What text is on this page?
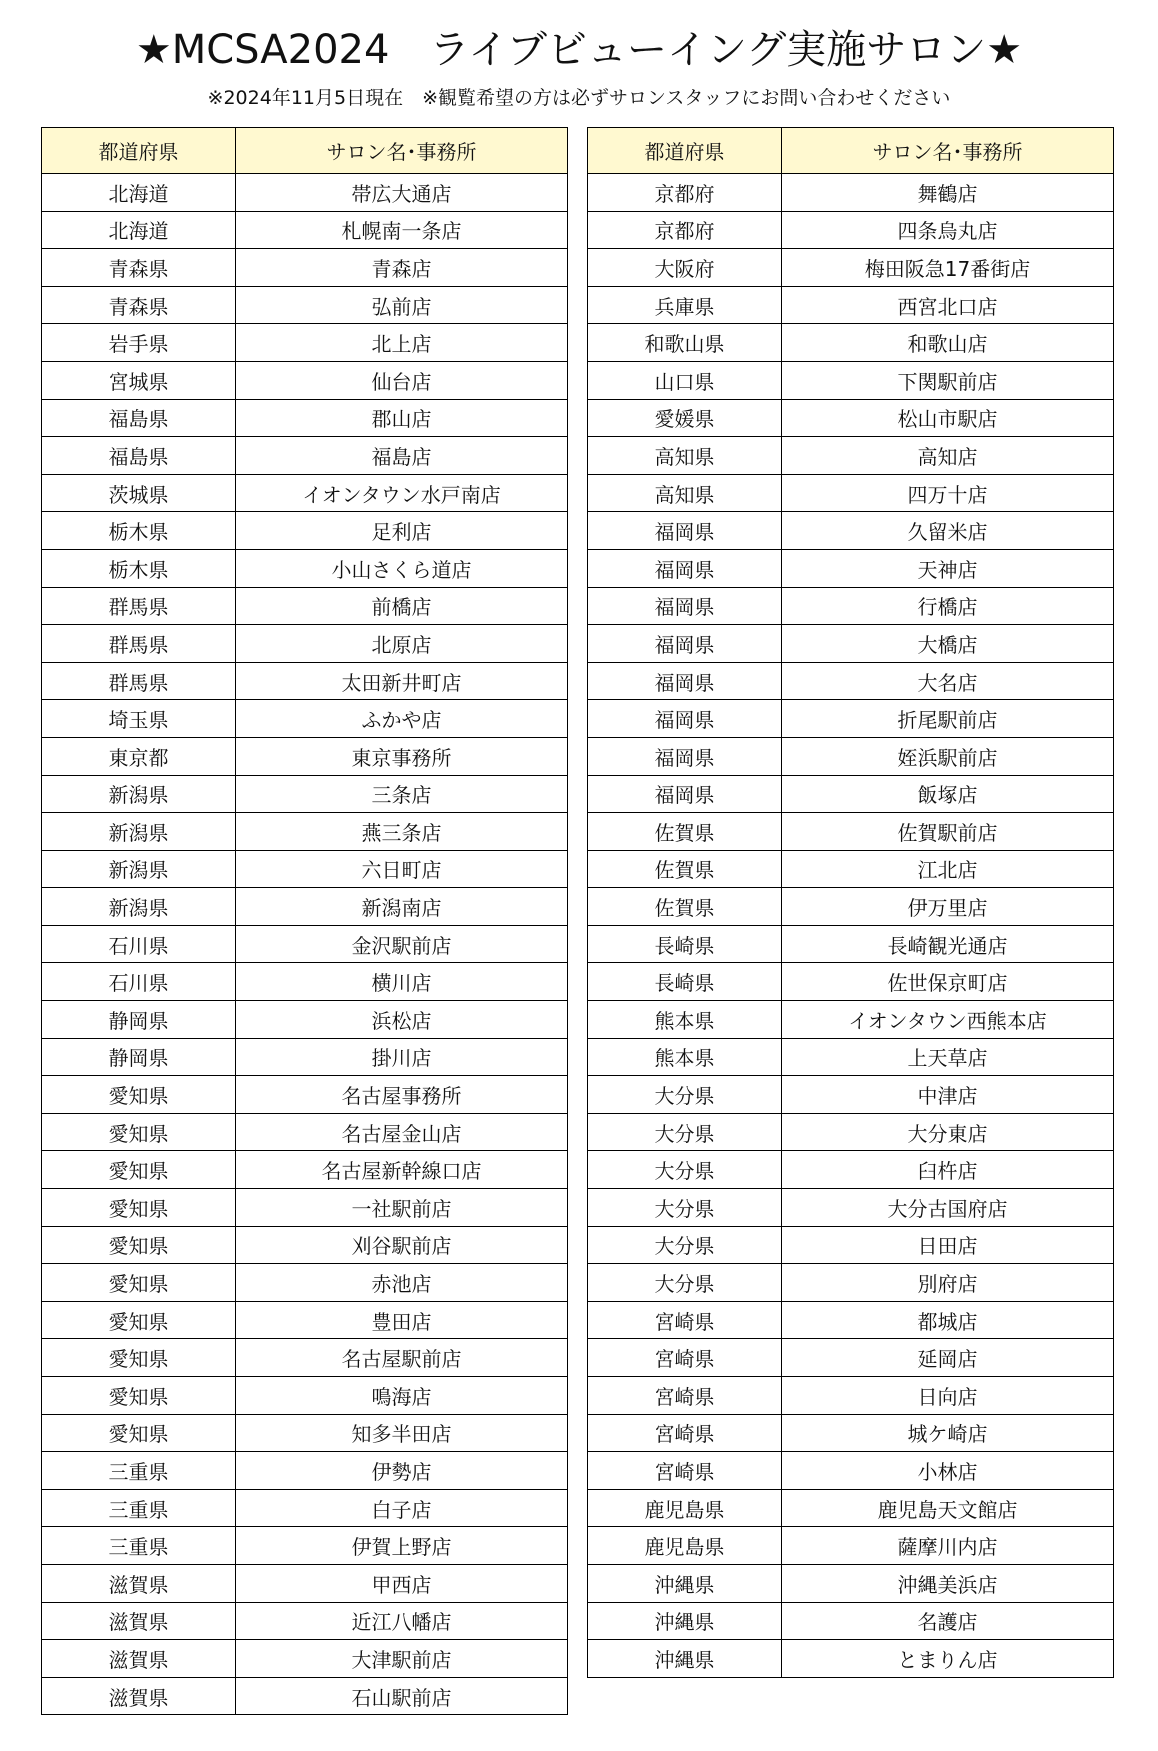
★MCSA2024　ライブビューイング実施サロン★
※2024年11月5日現在　※観覧希望の方は必ずサロンスタッフにお問い合わせください
都道府県	サロン名･事務所
北海道	帯広大通店
北海道	札幌南一条店
青森県	青森店
青森県	弘前店
岩手県	北上店
宮城県	仙台店
福島県	郡山店
福島県	福島店
茨城県	イオンタウン水戸南店
栃木県	足利店
栃木県	小山さくら道店
群馬県	前橋店
群馬県	北原店
群馬県	太田新井町店
埼玉県	ふかや店
東京都	東京事務所
新潟県	三条店
新潟県	燕三条店
新潟県	六日町店
新潟県	新潟南店
石川県	金沢駅前店
石川県	横川店
静岡県	浜松店
静岡県	掛川店
愛知県	名古屋事務所
愛知県	名古屋金山店
愛知県	名古屋新幹線口店
愛知県	一社駅前店
愛知県	刈谷駅前店
愛知県	赤池店
愛知県	豊田店
愛知県	名古屋駅前店
愛知県	鳴海店
愛知県	知多半田店
三重県	伊勢店
三重県	白子店
三重県	伊賀上野店
滋賀県	甲西店
滋賀県	近江八幡店
滋賀県	大津駅前店
滋賀県	石山駅前店
都道府県	サロン名･事務所
京都府	舞鶴店
京都府	四条烏丸店
大阪府	梅田阪急17番街店
兵庫県	西宮北口店
和歌山県	和歌山店
山口県	下関駅前店
愛媛県	松山市駅店
高知県	高知店
高知県	四万十店
福岡県	久留米店
福岡県	天神店
福岡県	行橋店
福岡県	大橋店
福岡県	大名店
福岡県	折尾駅前店
福岡県	姪浜駅前店
福岡県	飯塚店
佐賀県	佐賀駅前店
佐賀県	江北店
佐賀県	伊万里店
長崎県	長崎観光通店
長崎県	佐世保京町店
熊本県	イオンタウン西熊本店
熊本県	上天草店
大分県	中津店
大分県	大分東店
大分県	臼杵店
大分県	大分古国府店
大分県	日田店
大分県	別府店
宮崎県	都城店
宮崎県	延岡店
宮崎県	日向店
宮崎県	城ケ崎店
宮崎県	小林店
鹿児島県	鹿児島天文館店
鹿児島県	薩摩川内店
沖縄県	沖縄美浜店
沖縄県	名護店
沖縄県	とまりん店
